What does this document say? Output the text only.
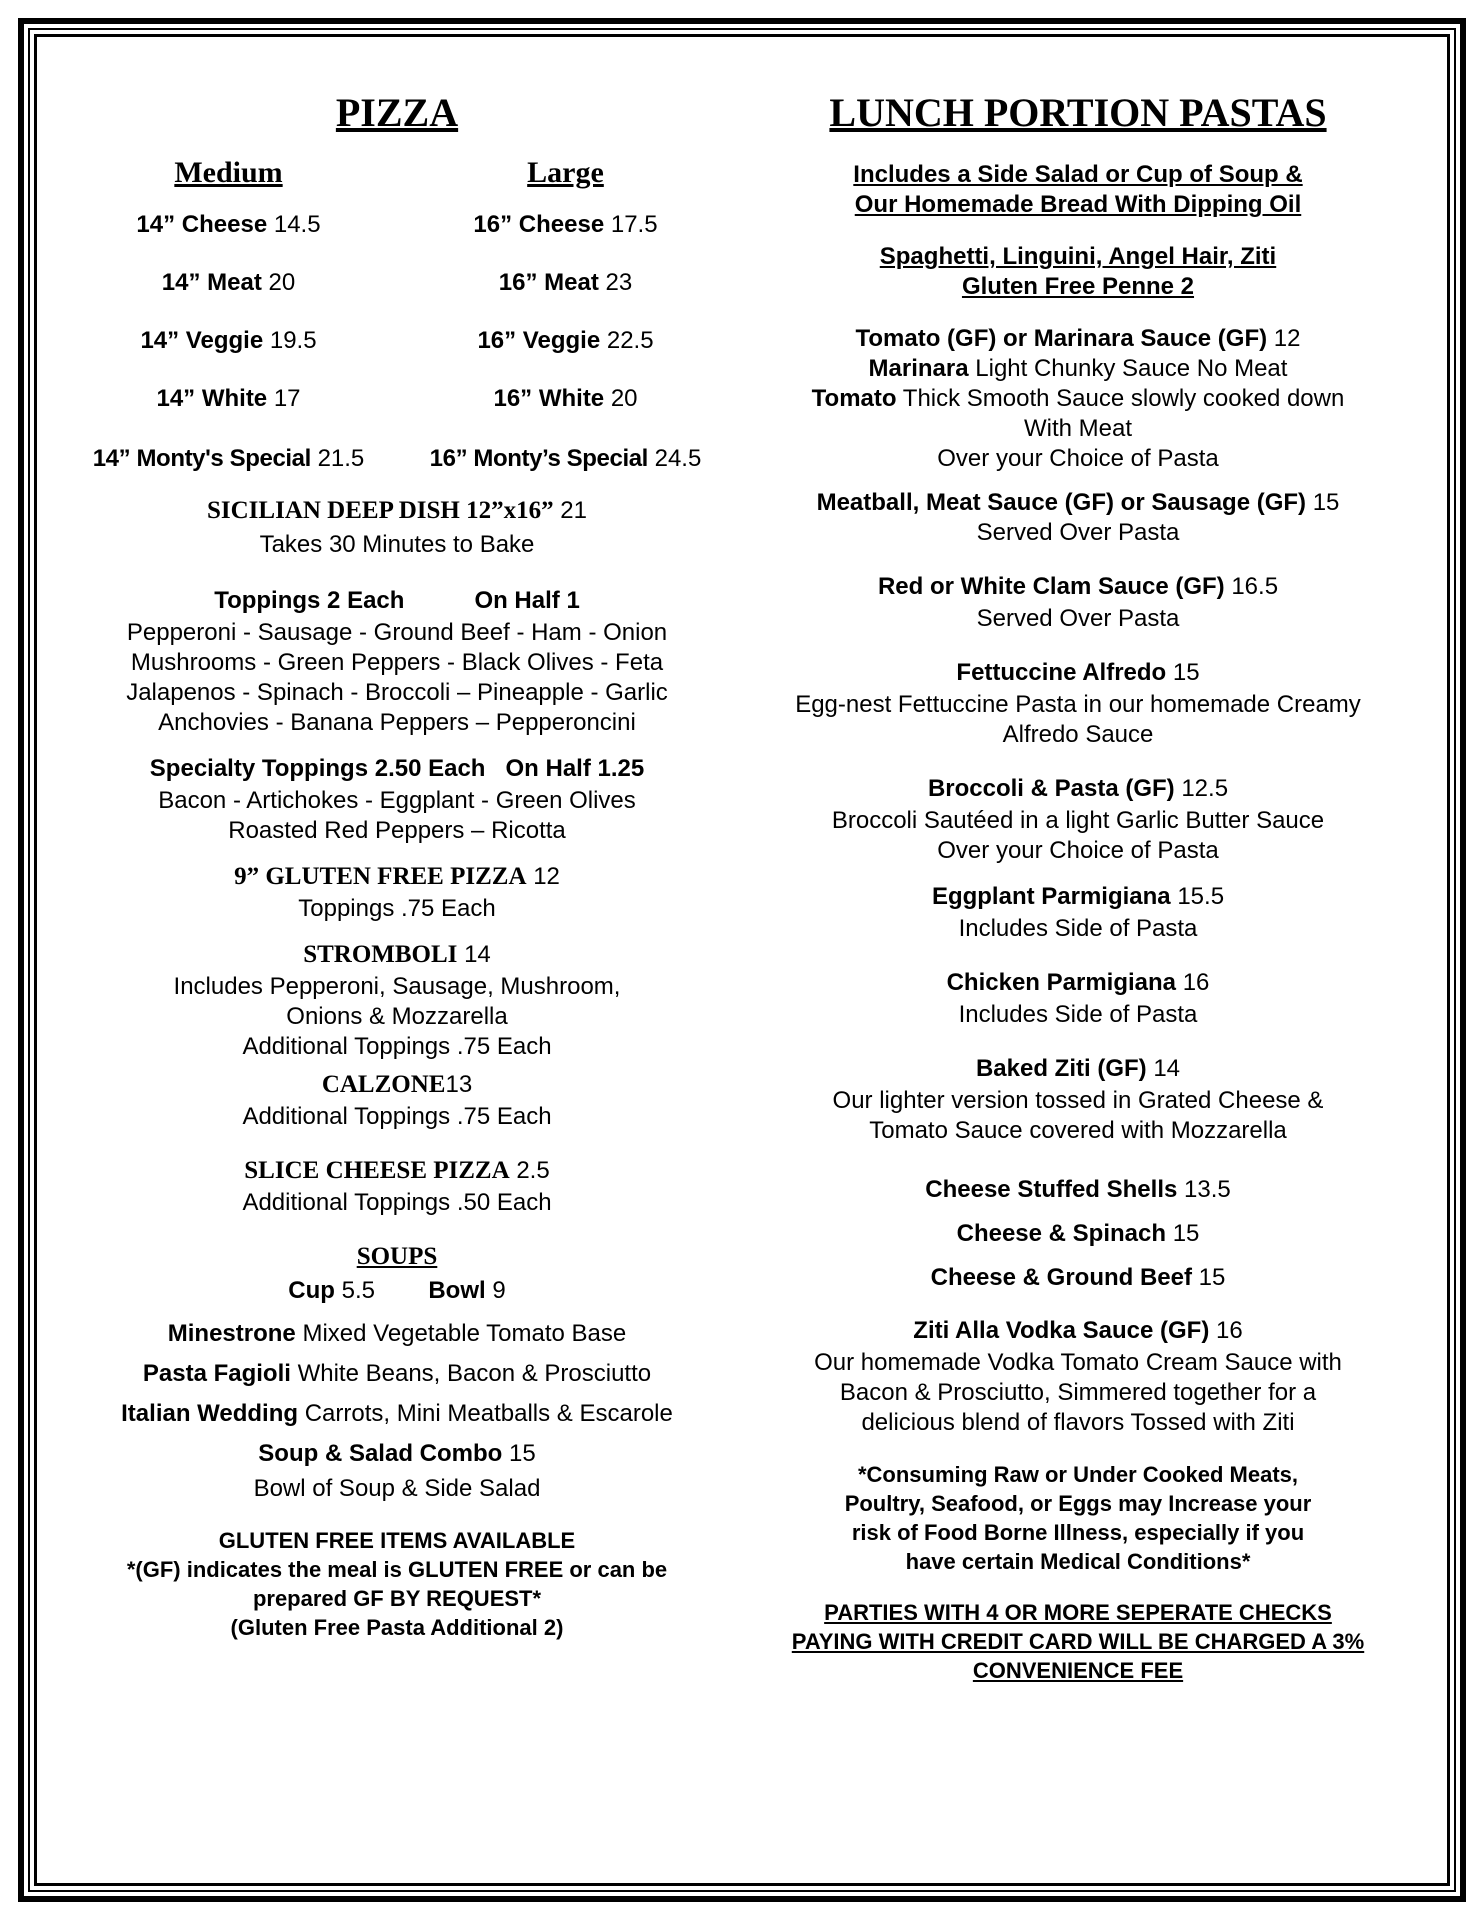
PIZZA
Medium
14” Cheese 14.5
14” Meat 20
14” Veggie 19.5
14” White 17
14” Monty's Special 21.5
Large
16” Cheese 17.5
16” Meat 23
16” Veggie 22.5
16” White 20
16” Monty’s Special 24.5
SICILIAN DEEP DISH 12”x16” 21
Takes 30 Minutes to Bake
Toppings 2 Each	On Half 1
Pepperoni - Sausage - Ground Beef - Ham - Onion
Mushrooms - Green Peppers - Black Olives - Feta
Jalapenos - Spinach - Broccoli – Pineapple - Garlic
Anchovies - Banana Peppers – Pepperoncini
Specialty Toppings 2.50 Each On Half 1.25
Bacon - Artichokes - Eggplant - Green Olives
Roasted Red Peppers – Ricotta
9” GLUTEN FREE PIZZA 12
Toppings .75 Each
STROMBOLI 14
Includes Pepperoni, Sausage, Mushroom,
Onions & Mozzarella
Additional Toppings .75 Each
CALZONE13
Additional Toppings .75 Each
SLICE CHEESE PIZZA 2.5
Additional Toppings .50 Each
SOUPS
Cup 5.5 Bowl 9
Minestrone Mixed Vegetable Tomato Base
Pasta Fagioli White Beans, Bacon & Prosciutto
Italian Wedding Carrots, Mini Meatballs & Escarole
Soup & Salad Combo 15
Bowl of Soup & Side Salad
GLUTEN FREE ITEMS AVAILABLE
*(GF) indicates the meal is GLUTEN FREE or can be
prepared GF BY REQUEST*
(Gluten Free Pasta Additional 2)
LUNCH PORTION PASTAS
Includes a Side Salad or Cup of Soup &
Our Homemade Bread With Dipping Oil
Spaghetti, Linguini, Angel Hair, Ziti
Gluten Free Penne 2
Tomato (GF) or Marinara Sauce (GF) 12
Marinara Light Chunky Sauce No Meat
Tomato Thick Smooth Sauce slowly cooked down
With Meat
Over your Choice of Pasta
Meatball, Meat Sauce (GF) or Sausage (GF) 15
Served Over Pasta
Red or White Clam Sauce (GF) 16.5
Served Over Pasta
Fettuccine Alfredo 15
Egg-nest Fettuccine Pasta in our homemade Creamy
Alfredo Sauce
Broccoli & Pasta (GF) 12.5
Broccoli Sautéed in a light Garlic Butter Sauce
Over your Choice of Pasta
Eggplant Parmigiana 15.5
Includes Side of Pasta
Chicken Parmigiana 16
Includes Side of Pasta
Baked Ziti (GF) 14
Our lighter version tossed in Grated Cheese &
Tomato Sauce covered with Mozzarella
Cheese Stuffed Shells 13.5
Cheese & Spinach 15
Cheese & Ground Beef 15
Ziti Alla Vodka Sauce (GF) 16
Our homemade Vodka Tomato Cream Sauce with
Bacon & Prosciutto, Simmered together for a
delicious blend of flavors Tossed with Ziti
*Consuming Raw or Under Cooked Meats,
Poultry, Seafood, or Eggs may Increase your
risk of Food Borne Illness, especially if you
have certain Medical Conditions*
PARTIES WITH 4 OR MORE SEPERATE CHECKS
PAYING WITH CREDIT CARD WILL BE CHARGED A 3%
CONVENIENCE FEE
